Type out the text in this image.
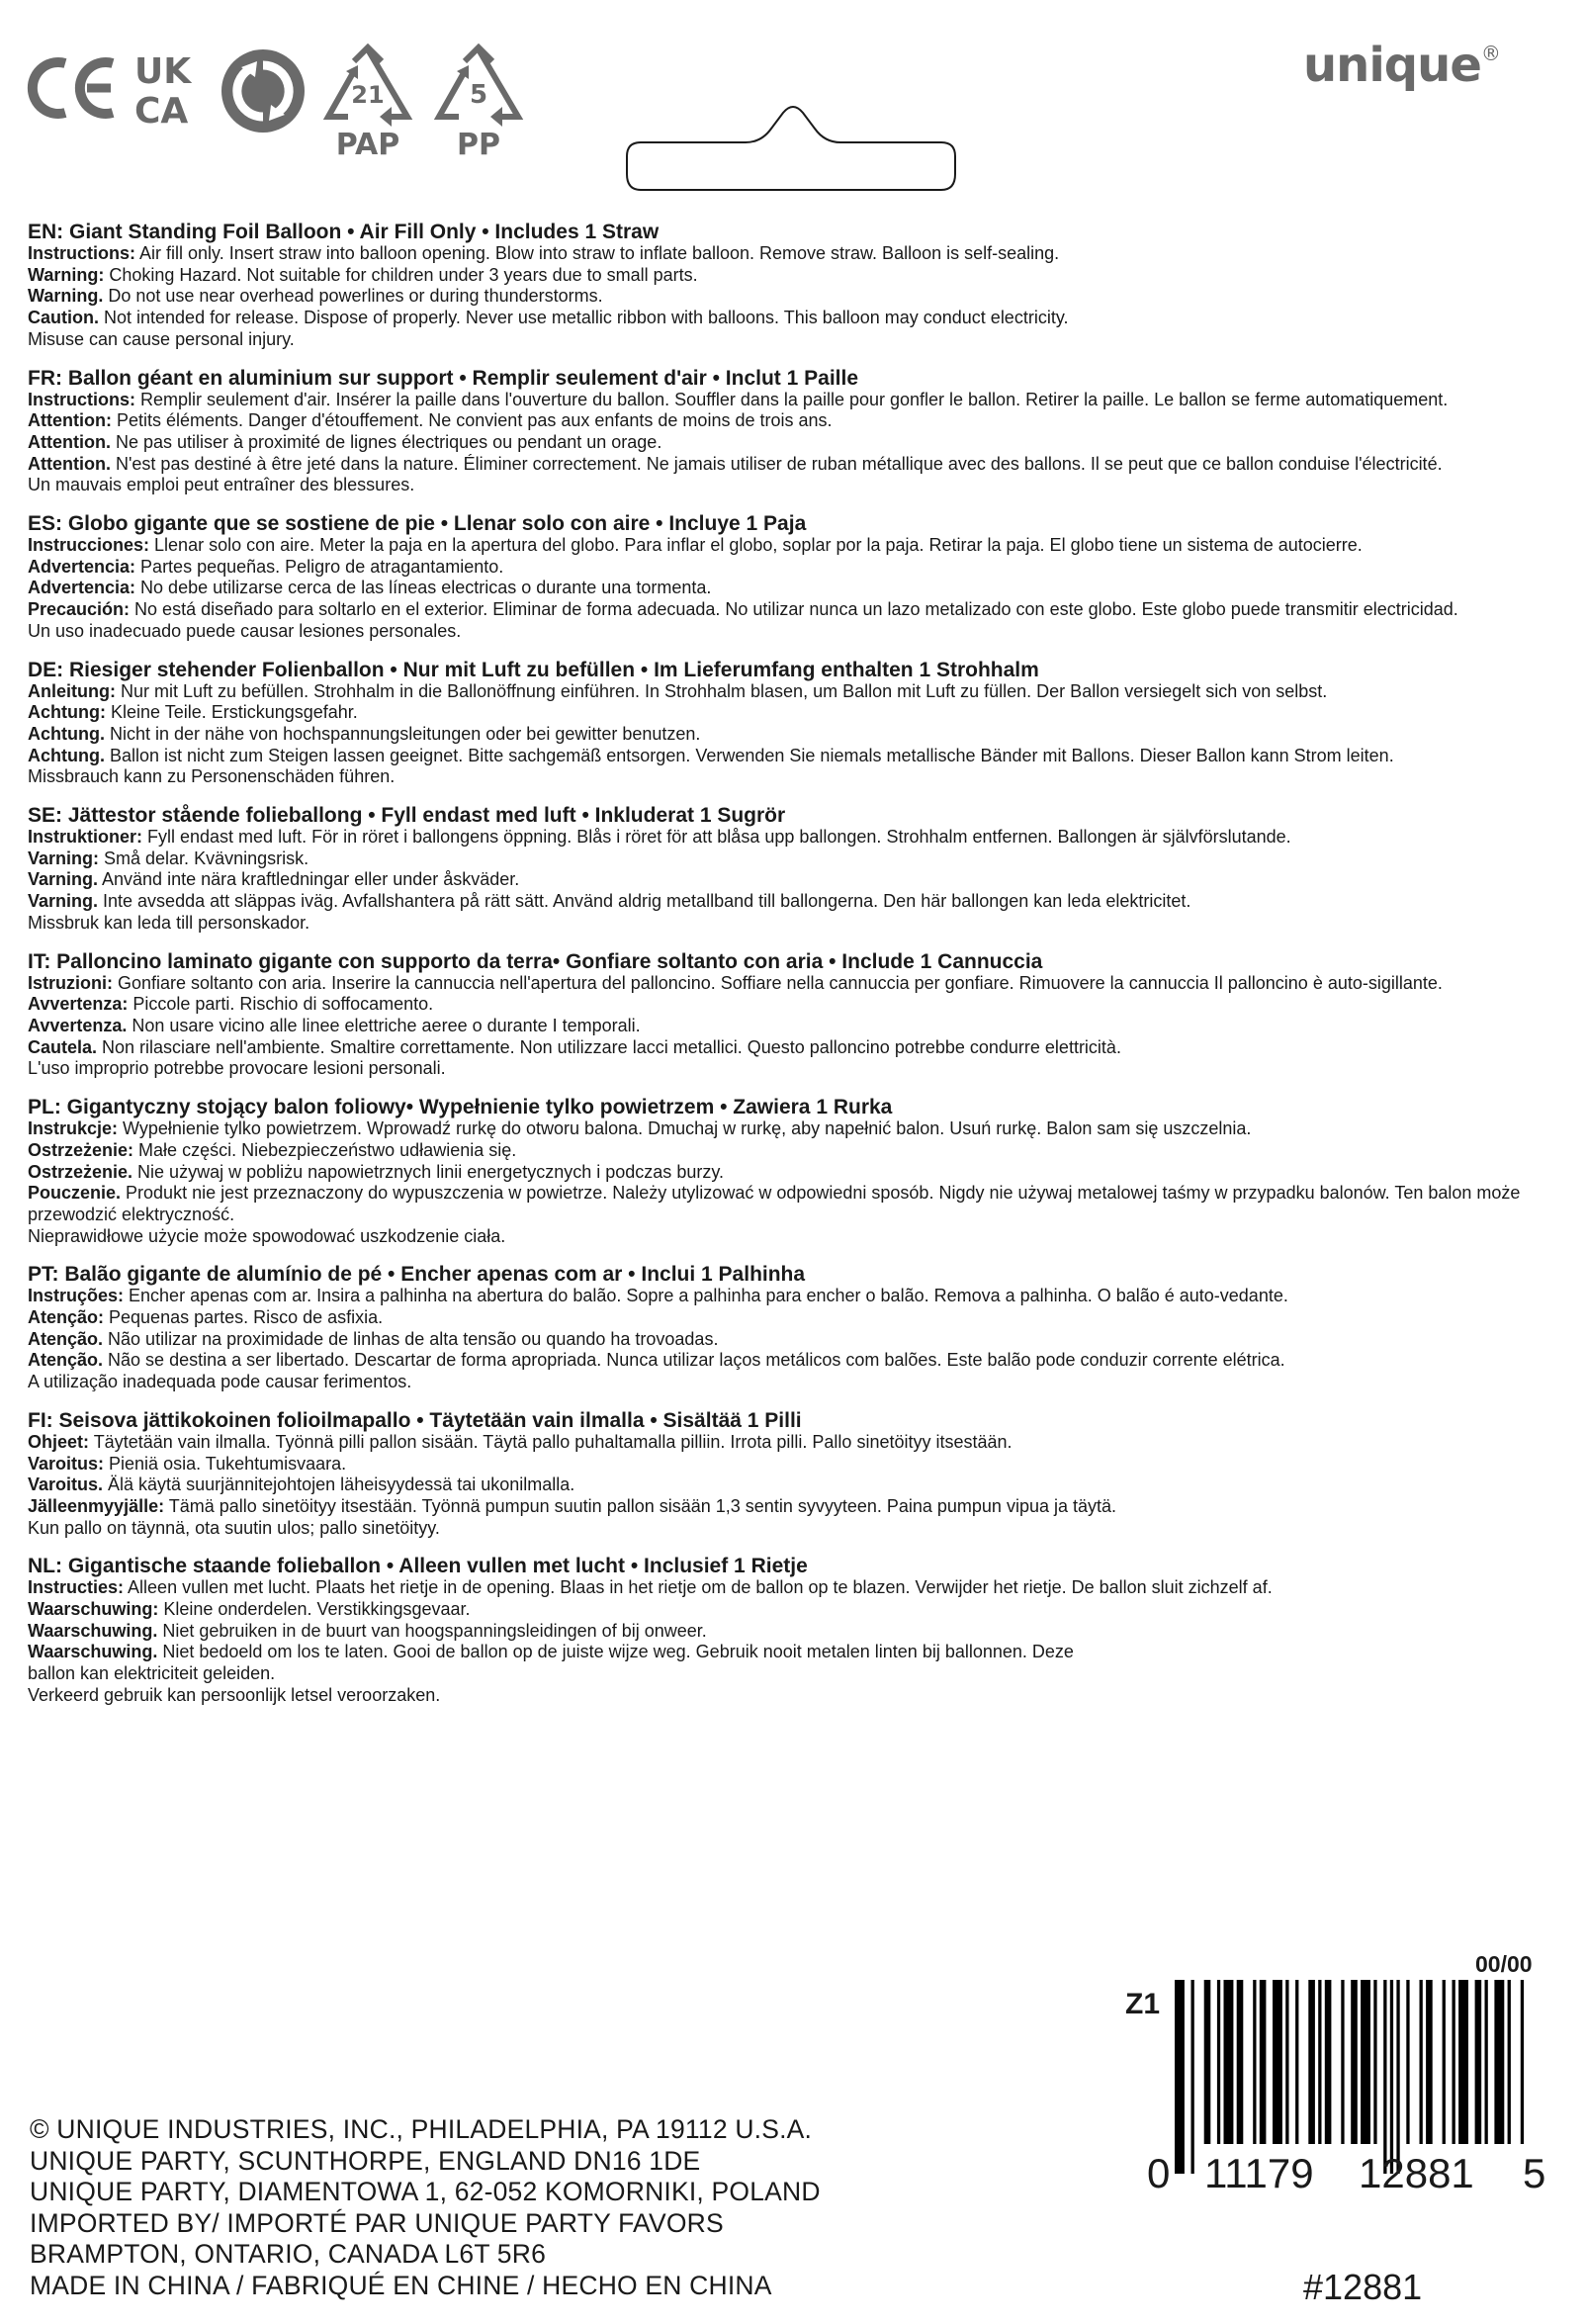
UK
CA	21
PAP
5
PP
unique®
EN: Giant Standing Foil Balloon • Air Fill Only • Includes 1 Straw
Instructions: Air fill only. Insert straw into balloon opening. Blow into straw to inflate balloon. Remove straw. Balloon is self-sealing.
Warning: Choking Hazard. Not suitable for children under 3 years due to small parts.
Warning. Do not use near overhead powerlines or during thunderstorms.
Caution. Not intended for release. Dispose of properly. Never use metallic ribbon with balloons. This balloon may conduct electricity.
Misuse can cause personal injury.
FR: Ballon géant en aluminium sur support • Remplir seulement d'air • Inclut 1 Paille
Instructions: Remplir seulement d'air. Insérer la paille dans l'ouverture du ballon. Souffler dans la paille pour gonfler le ballon. Retirer la paille. Le ballon se ferme automatiquement.
Attention: Petits éléments. Danger d'étouffement. Ne convient pas aux enfants de moins de trois ans.
Attention. Ne pas utiliser à proximité de lignes électriques ou pendant un orage.
Attention. N'est pas destiné à être jeté dans la nature. Éliminer correctement. Ne jamais utiliser de ruban métallique avec des ballons. Il se peut que ce ballon conduise l'électricité.
Un mauvais emploi peut entraîner des blessures.
ES: Globo gigante que se sostiene de pie • Llenar solo con aire • Incluye 1 Paja
Instrucciones: Llenar solo con aire. Meter la paja en la apertura del globo. Para inflar el globo, soplar por la paja. Retirar la paja. El globo tiene un sistema de autocierre.
Advertencia: Partes pequeñas. Peligro de atragantamiento.
Advertencia: No debe utilizarse cerca de las líneas electricas o durante una tormenta.
Precaución: No está diseñado para soltarlo en el exterior. Eliminar de forma adecuada. No utilizar nunca un lazo metalizado con este globo. Este globo puede transmitir electricidad.
Un uso inadecuado puede causar lesiones personales.
DE: Riesiger stehender Folienballon • Nur mit Luft zu befüllen • Im Lieferumfang enthalten 1 Strohhalm
Anleitung: Nur mit Luft zu befüllen. Strohhalm in die Ballonöffnung einführen. In Strohhalm blasen, um Ballon mit Luft zu füllen. Der Ballon versiegelt sich von selbst.
Achtung: Kleine Teile. Erstickungsgefahr.
Achtung. Nicht in der nähe von hochspannungsleitungen oder bei gewitter benutzen.
Achtung. Ballon ist nicht zum Steigen lassen geeignet. Bitte sachgemäß entsorgen. Verwenden Sie niemals metallische Bänder mit Ballons. Dieser Ballon kann Strom leiten.
Missbrauch kann zu Personenschäden führen.
SE: Jättestor stående folieballong • Fyll endast med luft • Inkluderat 1 Sugrör
Instruktioner: Fyll endast med luft. För in röret i ballongens öppning. Blås i röret för att blåsa upp ballongen. Strohhalm entfernen. Ballongen är självförslutande.
Varning: Små delar. Kvävningsrisk.
Varning. Använd inte nära kraftledningar eller under åskväder.
Varning. Inte avsedda att släppas iväg. Avfallshantera på rätt sätt. Använd aldrig metallband till ballongerna. Den här ballongen kan leda elektricitet.
Missbruk kan leda till personskador.
IT: Palloncino laminato gigante con supporto da terra• Gonfiare soltanto con aria • Include 1 Cannuccia
Istruzioni: Gonfiare soltanto con aria. Inserire la cannuccia nell'apertura del palloncino. Soffiare nella cannuccia per gonfiare. Rimuovere la cannuccia Il palloncino è auto-sigillante.
Avvertenza: Piccole parti. Rischio di soffocamento.
Avvertenza. Non usare vicino alle linee elettriche aeree o durante I temporali.
Cautela. Non rilasciare nell'ambiente. Smaltire correttamente. Non utilizzare lacci metallici. Questo palloncino potrebbe condurre elettricità.
L'uso improprio potrebbe provocare lesioni personali.
PL: Gigantyczny stojący balon foliowy• Wypełnienie tylko powietrzem • Zawiera 1 Rurka
Instrukcje: Wypełnienie tylko powietrzem. Wprowadź rurkę do otworu balona. Dmuchaj w rurkę, aby napełnić balon. Usuń rurkę. Balon sam się uszczelnia.
Ostrzeżenie: Małe części. Niebezpieczeństwo udławienia się.
Ostrzeżenie. Nie używaj w pobliżu napowietrznych linii energetycznych i podczas burzy.
Pouczenie. Produkt nie jest przeznaczony do wypuszczenia w powietrze. Należy utylizować w odpowiedni sposób. Nigdy nie używaj metalowej taśmy w przypadku balonów. Ten balon może przewodzić elektryczność.
Nieprawidłowe użycie może spowodować uszkodzenie ciała.
PT: Balão gigante de alumínio de pé • Encher apenas com ar • Inclui 1 Palhinha
Instruções: Encher apenas com ar. Insira a palhinha na abertura do balão. Sopre a palhinha para encher o balão. Remova a palhinha. O balão é auto-vedante.
Atenção: Pequenas partes. Risco de asfixia.
Atenção. Não utilizar na proximidade de linhas de alta tensão ou quando ha trovoadas.
Atenção. Não se destina a ser libertado. Descartar de forma apropriada. Nunca utilizar laços metálicos com balões. Este balão pode conduzir corrente elétrica.
A utilização inadequada pode causar ferimentos.
FI: Seisova jättikokoinen folioilmapallo • Täytetään vain ilmalla • Sisältää 1 Pilli
Ohjeet: Täytetään vain ilmalla. Työnnä pilli pallon sisään. Täytä pallo puhaltamalla pilliin. Irrota pilli. Pallo sinetöityy itsestään.
Varoitus: Pieniä osia. Tukehtumisvaara.
Varoitus. Älä käytä suurjännitejohtojen läheisyydessä tai ukonilmalla.
Jälleenmyyjälle: Tämä pallo sinetöityy itsestään. Työnnä pumpun suutin pallon sisään 1,3 sentin syvyyteen. Paina pumpun vipua ja täytä.
Kun pallo on täynnä, ota suutin ulos; pallo sinetöityy.
NL: Gigantische staande folieballon • Alleen vullen met lucht • Inclusief 1 Rietje
Instructies: Alleen vullen met lucht. Plaats het rietje in de opening. Blaas in het rietje om de ballon op te blazen. Verwijder het rietje. De ballon sluit zichzelf af.
Waarschuwing: Kleine onderdelen. Verstikkingsgevaar.
Waarschuwing. Niet gebruiken in de buurt van hoogspanningsleidingen of bij onweer.
Waarschuwing. Niet bedoeld om los te laten. Gooi de ballon op de juiste wijze weg. Gebruik nooit metalen linten bij ballonnen. Deze ballon kan elektriciteit geleiden.
Verkeerd gebruik kan persoonlijk letsel veroorzaken.
© UNIQUE INDUSTRIES, INC., PHILADELPHIA, PA 19112 U.S.A.
UNIQUE PARTY, SCUNTHORPE, ENGLAND DN16 1DE
UNIQUE PARTY, DIAMENTOWA 1, 62-052 KOMORNIKI, POLAND
IMPORTED BY/ IMPORTÉ PAR UNIQUE PARTY FAVORS
BRAMPTON, ONTARIO, CANADA L6T 5R6
MADE IN CHINA / FABRIQUÉ EN CHINE / HECHO EN CHINA
00/00
Z1
0 11179 12881 5
#12881
